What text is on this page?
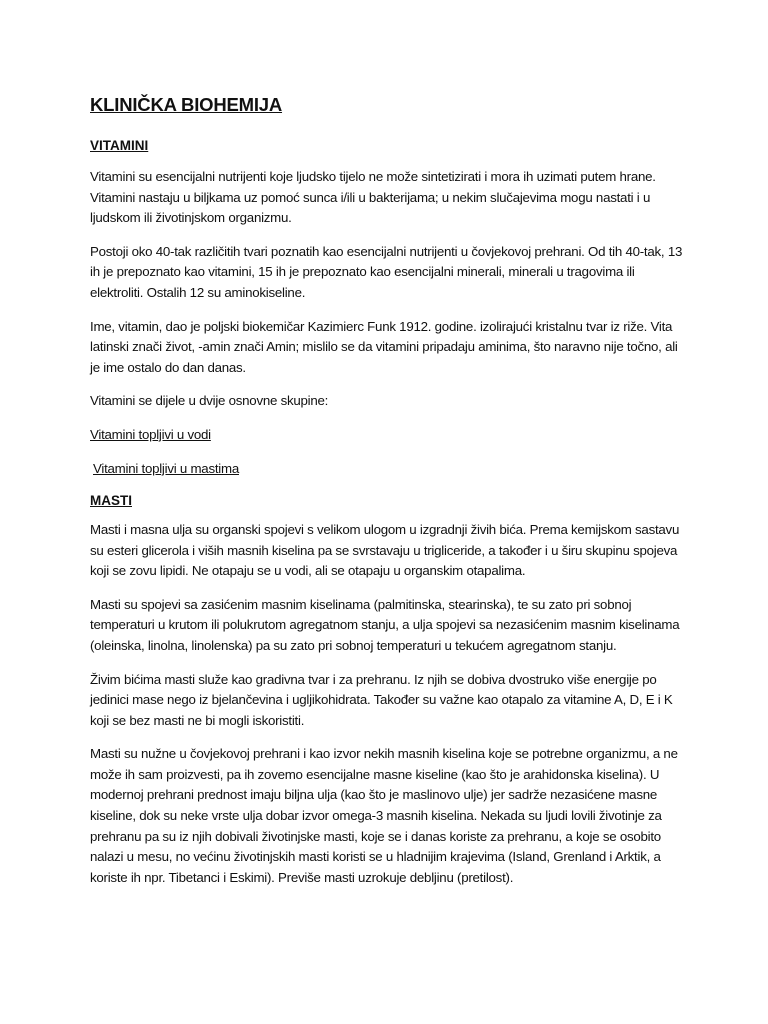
KLINIČKA BIOHEMIJA
VITAMINI

Vitamini su esencijalni nutrijenti koje ljudsko tijelo ne može sintetizirati i mora ih uzimati putem hrane. Vitamini nastaju u biljkama uz pomoć sunca i/ili u bakterijama; u nekim slučajevima mogu nastati i u ljudskom ili životinjskom organizmu.

Postoji oko 40-tak različitih tvari poznatih kao esencijalni nutrijenti u čovjekovoj prehrani. Od tih 40-tak, 13 ih je prepoznato kao vitamini, 15 ih je prepoznato kao esencijalni minerali, minerali u tragovima ili elektroliti. Ostalih 12 su aminokiseline.

Ime, vitamin, dao je poljski biokemičar Kazimierc Funk 1912. godine. izolirajući kristalnu tvar iz riže. Vita latinski znači život, -amin znači Amin; mislilo se da vitamini pripadaju aminima, što naravno nije točno, ali je ime ostalo do dan danas.

Vitamini se dijele u dvije osnovne skupine:

Vitamini topljivi u vodi
Vitamini topljivi u mastima
MASTI

Masti i masna ulja su organski spojevi s velikom ulogom u izgradnji živih bića. Prema kemijskom sastavu su esteri glicerola i viših masnih kiselina pa se svrstavaju u trigliceride, a također i u širu skupinu spojeva koji se zovu lipidi. Ne otapaju se u vodi, ali se otapaju u organskim otapalima.

Masti su spojevi sa zasićenim masnim kiselinama (palmitinska, stearinska), te su zato pri sobnoj temperaturi u krutom ili polukrutom agregatnom stanju, a ulja spojevi sa nezasićenim masnim kiselinama (oleinska, linolna, linolenska) pa su zato pri sobnoj temperaturi u tekućem agregatnom stanju.

Živim bićima masti služe kao gradivna tvar i za prehranu. Iz njih se dobiva dvostruko više energije po jedinici mase nego iz bjelančevina i ugljikohidrata. Također su važne kao otapalo za vitamine A, D, E i K koji se bez masti ne bi mogli iskoristiti.

Masti su nužne u čovjekovoj prehrani i kao izvor nekih masnih kiselina koje se potrebne organizmu, a ne može ih sam proizvesti, pa ih zovemo esencijalne masne kiseline (kao što je arahidonska kiselina). U modernoj prehrani prednost imaju biljna ulja (kao što je maslinovo ulje) jer sadrže nezasićene masne kiseline, dok su neke vrste ulja dobar izvor omega-3 masnih kiselina. Nekada su ljudi lovili životinje za prehranu pa su iz njih dobivali životinjske masti, koje se i danas koriste za prehranu, a koje se osobito nalazi u mesu, no većinu životinjskih masti koristi se u hladnijim krajevima (Island, Grenland i Arktik, a koriste ih npr. Tibetanci i Eskimi). Previše masti uzrokuje debljinu (pretilost).
